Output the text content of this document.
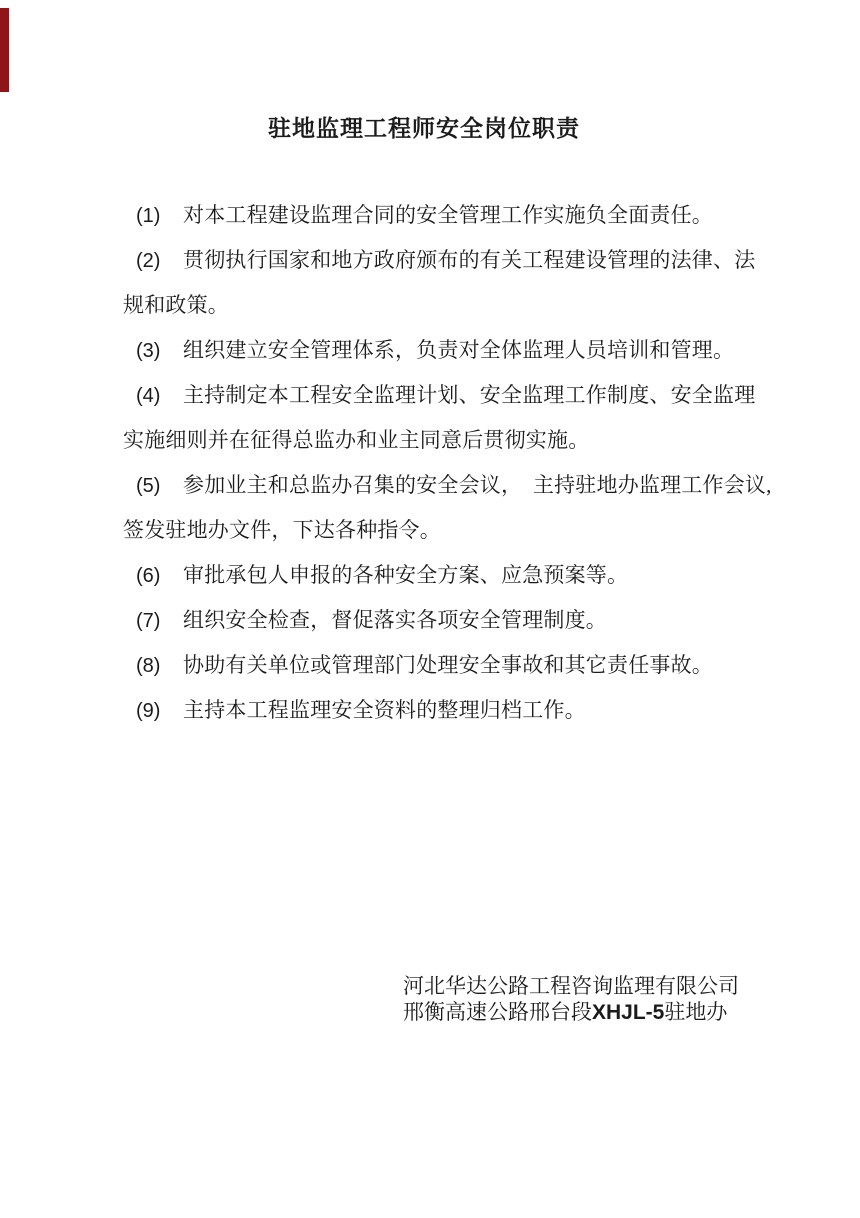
驻地监理工程师安全岗位职责
(1) 对本工程建设监理合同的安全管理工作实施负全面责任。
(2) 贯彻执行国家和地方政府颁布的有关工程建设管理的法律、法
规和政策。
(3) 组织建立安全管理体系，负责对全体监理人员培训和管理。
(4) 主持制定本工程安全监理计划、安全监理工作制度、安全监理
实施细则并在征得总监办和业主同意后贯彻实施。
(5) 参加业主和总监办召集的安全会议，　主持驻地办监理工作会议,
签发驻地办文件，下达各种指令。
(6) 审批承包人申报的各种安全方案、应急预案等。
(7) 组织安全检查，督促落实各项安全管理制度。
(8) 协助有关单位或管理部门处理安全事故和其它责任事故。
(9) 主持本工程监理安全资料的整理归档工作。
河北华达公路工程咨询监理有限公司
邢衡高速公路邢台段XHJL-5驻地办
